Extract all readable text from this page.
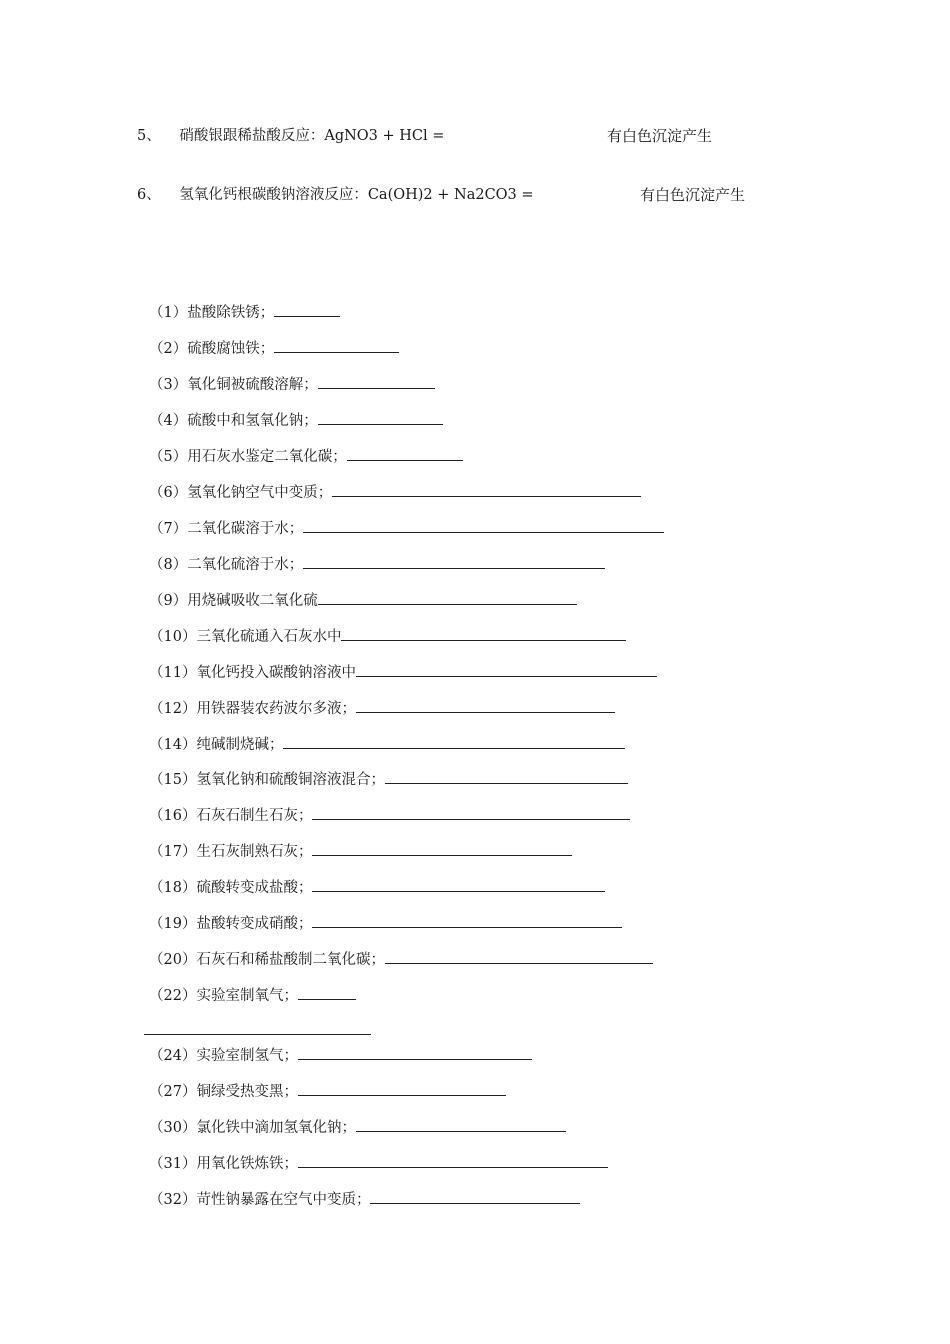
5、 硝酸银跟稀盐酸反应：AgNO3 + HCl =	有白色沉淀产生
6、 氢氧化钙根碳酸钠溶液反应：Ca(OH)2 + Na2CO3 =	有白色沉淀产生
（1）盐酸除铁锈；
（2）硫酸腐蚀铁；
（3）氧化铜被硫酸溶解；
（4）硫酸中和氢氧化钠；
（5）用石灰水鉴定二氧化碳；
（6）氢氧化钠空气中变质；
（7）二氧化碳溶于水；
（8）二氧化硫溶于水；
（9）用烧碱吸收二氧化硫
（10）三氧化硫通入石灰水中
（11）氧化钙投入碳酸钠溶液中
（12）用铁器装农药波尔多液；
（14）纯碱制烧碱；
（15）氢氧化钠和硫酸铜溶液混合；
（16）石灰石制生石灰；
（17）生石灰制熟石灰；
（18）硫酸转变成盐酸；
（19）盐酸转变成硝酸；
（20）石灰石和稀盐酸制二氧化碳；
（22）实验室制氧气；
（24）实验室制氢气；
（27）铜绿受热变黑；
（30）氯化铁中滴加氢氧化钠；
（31）用氧化铁炼铁；
（32）苛性钠暴露在空气中变质；
